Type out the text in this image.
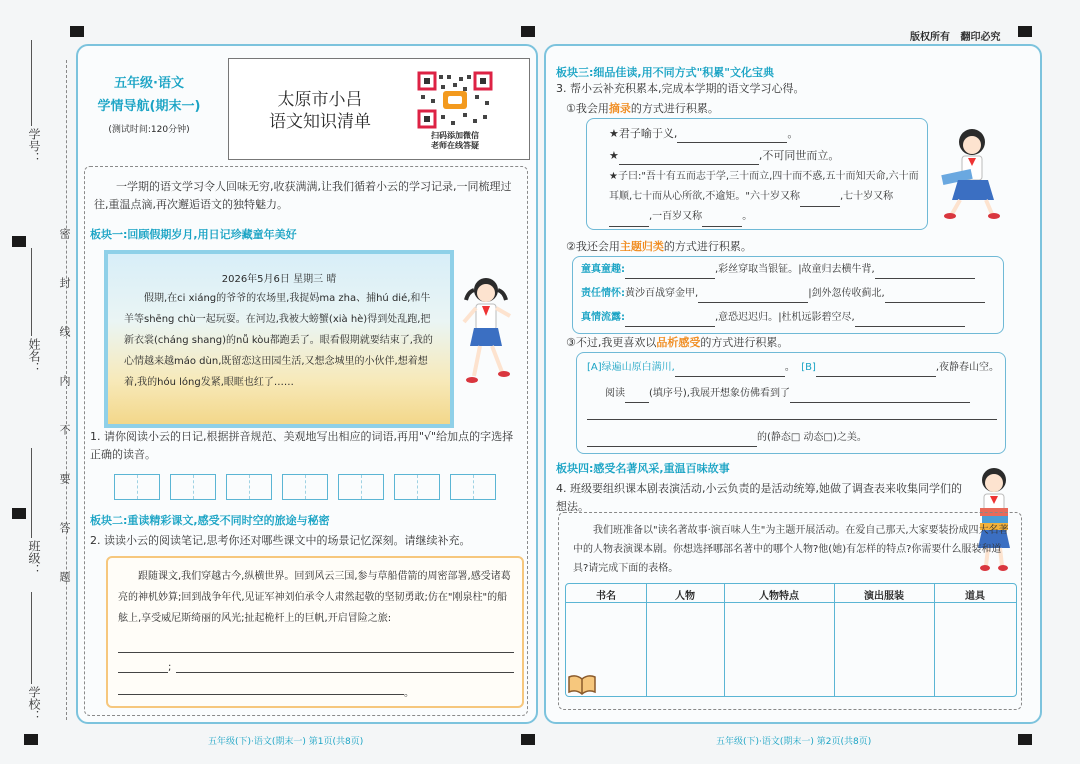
版权所有 翻印必究
学号：
姓名：
班级：
学校：
密封线内不要答题
五年级·语文
学情导航(期末一)
(测试时间:120分钟)
太原市小吕
语文知识清单
扫码添加微信
老师在线答疑
一学期的语文学习令人回味无穷,收获满满,让我们循着小云的学习记录,一同梳理过往,重温点滴,再次邂逅语文的独特魅力。
板块一:回顾假期岁月,用日记珍藏童年美好
2026年5月6日 星期三 晴
假期,在ci xiáng的爷爷的农场里,我捉妈ma zha、捕hú dié,和牛羊等shēng chù一起玩耍。在河边,我被大螃蟹(xià hè)得到处乱跑,把新衣裳(cháng shang)的nǚ kòu都跑丢了。眼看假期就要结束了,我的心情越来越máo dùn,既留恋这田园生活,又想念城里的小伙伴,想着想着,我的hóu lóng发紧,眼眶也红了……
1. 请你阅读小云的日记,根据拼音规范、美观地写出相应的词语,再用"√"给加点的字选择正确的读音。
板块二:重读精彩课文,感受不同时空的旅途与秘密
2. 读读小云的阅读笔记,思考你还对哪些课文中的场景记忆深刻。请继续补充。
跟随课文,我们穿越古今,纵横世界。回到风云三国,参与草船借箭的周密部署,感受诸葛亮的神机妙算;回到战争年代,见证军神刘伯承令人肃然起敬的坚韧勇敢;仿在"刚泉柱"的船舷上,享受威尼斯绮丽的风光;扯起桅杆上的巨帆,开启冒险之旅:
;
。
五年级(下)·语文(期末一) 第1页(共8页)
板块三:细品佳读,用不同方式"积累"文化宝典
3. 帮小云补充积累本,完成本学期的语文学习心得。
①我会用摘录的方式进行积累。
★君子喻于义,	。
★	,不可同世而立。
★子曰:"吾十有五而志于学,三十而立,四十而不惑,五十而知天命,六十而耳顺,七十而从心所欲,不逾矩。"六十岁又称	,七十岁又称,一百岁又称	。
②我还会用主题归类的方式进行积累。
童真童趣:	,彩丝穿取当银钲。|故童归去横牛背,
责任情怀:黄沙百战穿金甲,	|剑外忽传收蓟北,
真情流露:	,意恐迟迟归。|杜机远影碧空尽,
③不过,我更喜欢以品析感受的方式进行积累。
[A]绿遍山原白满川,	。  [B]	,夜静春山空。
阅读 (填序号),我展开想象仿佛看到了
的(静态□ 动态□)之美。
板块四:感受名著风采,重温百味故事
4. 班级要组织课本剧表演活动,小云负责的是活动统筹,她做了调查表来收集同学们的想法。
我们班准备以"读名著故事·演百味人生"为主题开展活动。在爱自己那天,大家要装扮成四大名著中的人物表演课本剧。你想选择哪部名著中的哪个人物?他(她)有怎样的特点?你需要什么服装和道具?请完成下面的表格。
书名	人物	人物特点	演出服装	道具
五年级(下)·语文(期末一) 第2页(共8页)
